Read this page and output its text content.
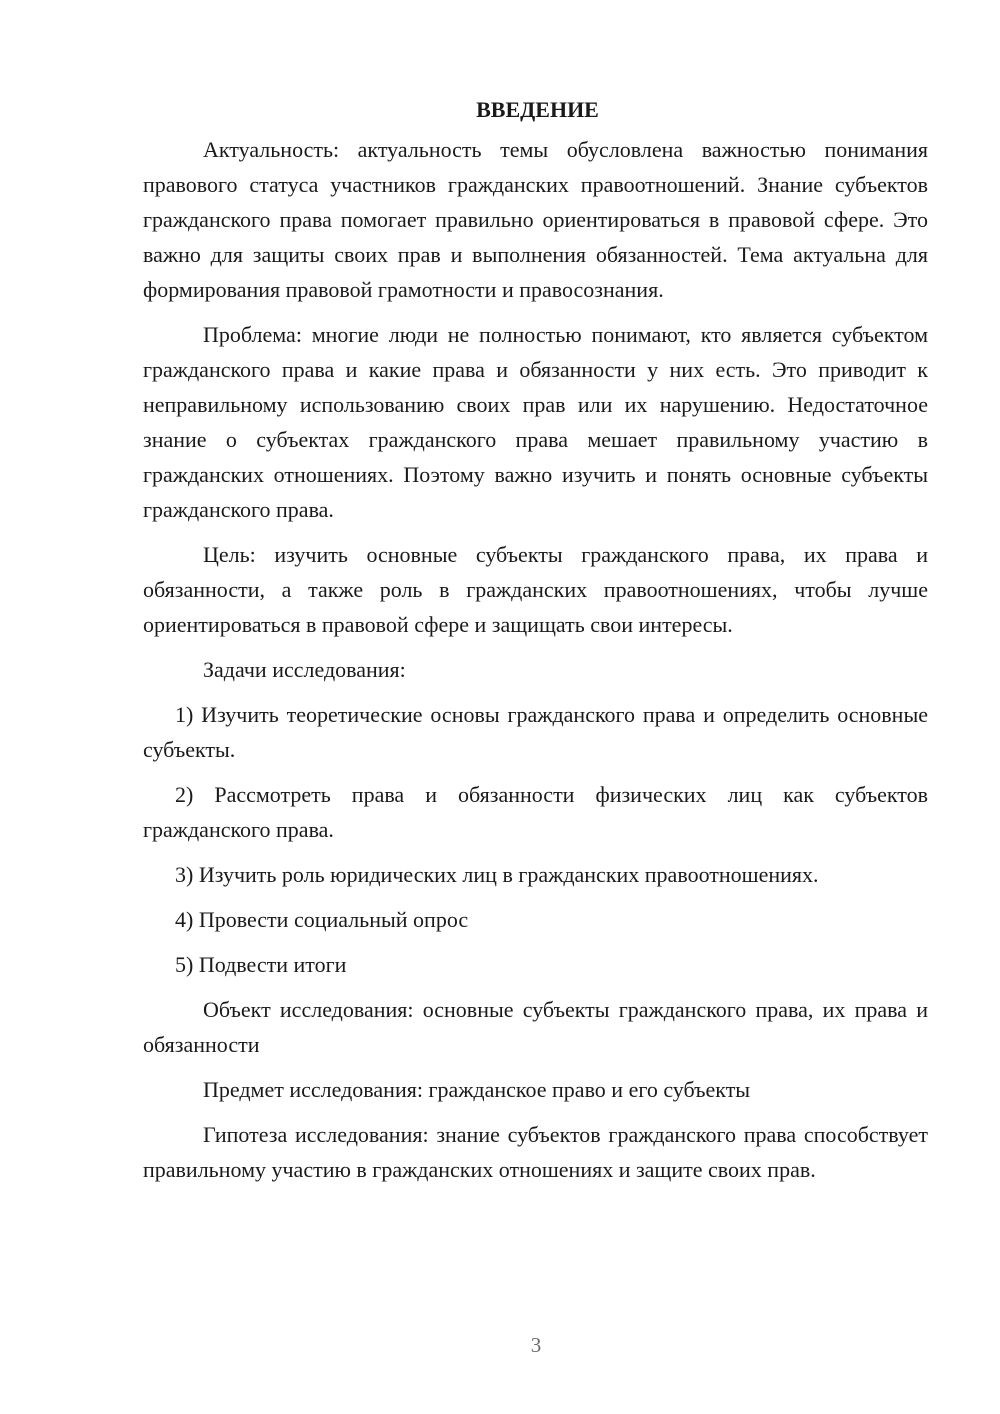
ВВЕДЕНИЕ

Актуальность: актуальность темы обусловлена важностью понимания правового статуса участников гражданских правоотношений. Знание субъектов гражданского права помогает правильно ориентироваться в правовой сфере. Это важно для защиты своих прав и выполнения обязанностей. Тема актуальна для формирования правовой грамотности и правосознания.

Проблема: многие люди не полностью понимают, кто является субъектом гражданского права и какие права и обязанности у них есть. Это приводит к неправильному использованию своих прав или их нарушению. Недостаточное знание о субъектах гражданского права мешает правильному участию в гражданских отношениях. Поэтому важно изучить и понять основные субъекты гражданского права.

Цель: изучить основные субъекты гражданского права, их права и обязанности, а также роль в гражданских правоотношениях, чтобы лучше ориентироваться в правовой сфере и защищать свои интересы.

Задачи исследования:

1) Изучить теоретические основы гражданского права и определить основные субъекты.

2) Рассмотреть права и обязанности физических лиц как субъектов гражданского права.

3) Изучить роль юридических лиц в гражданских правоотношениях.

4) Провести социальный опрос

5) Подвести итоги

Объект исследования: основные субъекты гражданского права, их права и обязанности

Предмет исследования: гражданское право и его субъекты

Гипотеза исследования: знание субъектов гражданского права способствует правильному участию в гражданских отношениях и защите своих прав.

3
